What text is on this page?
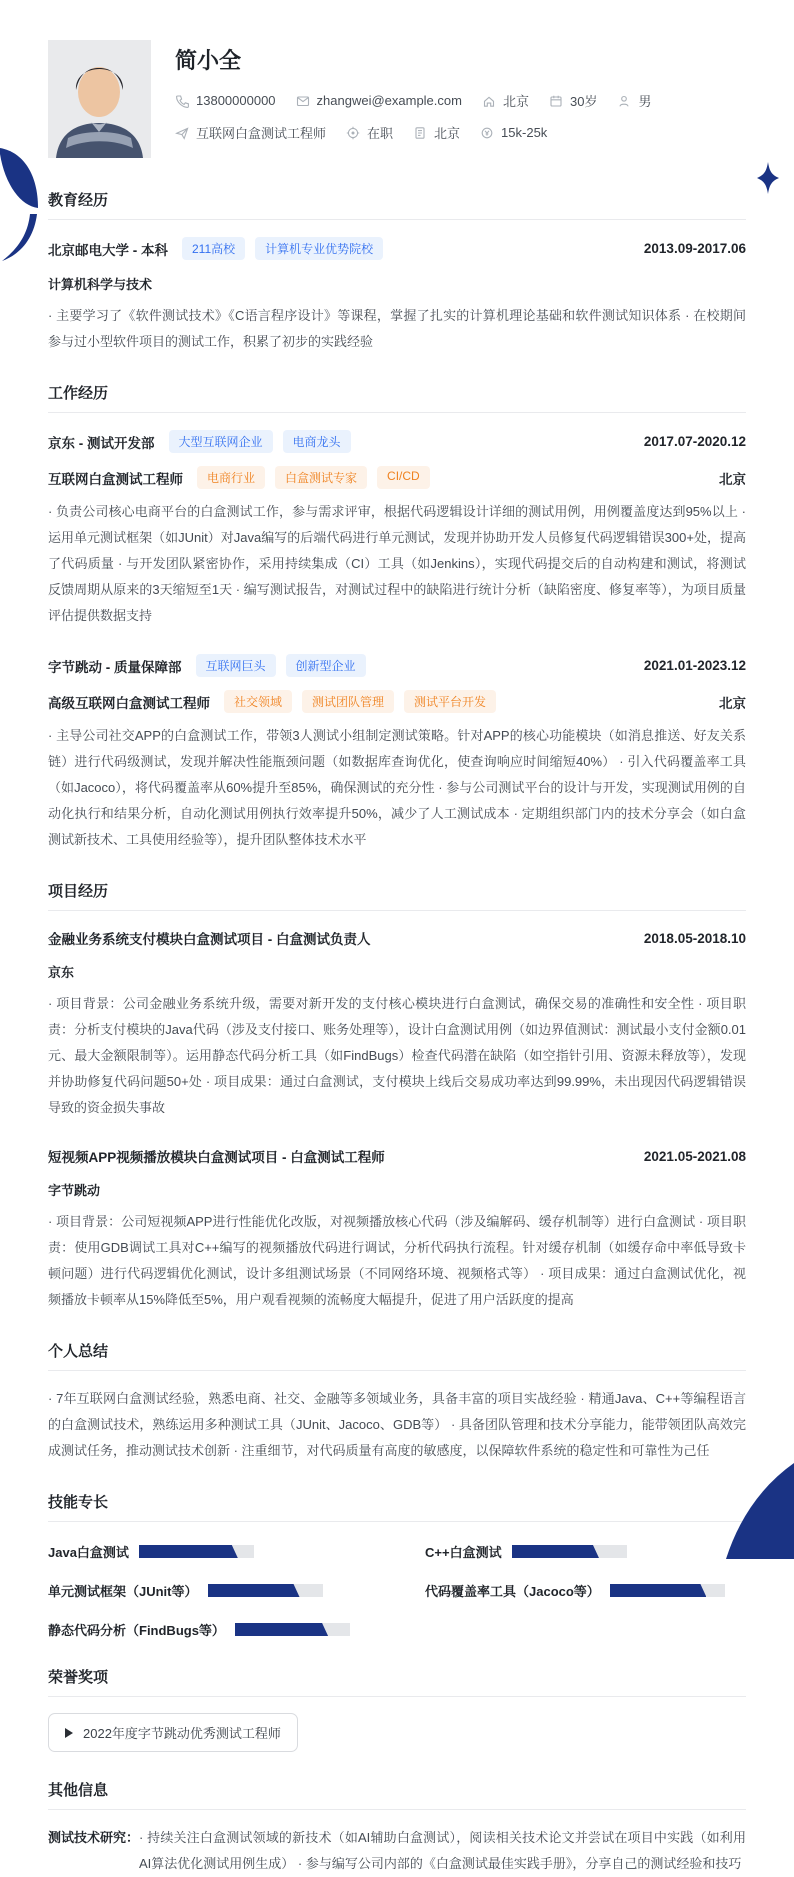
简小全
13800000000	zhangwei@example.com	北京	30岁	男
互联网白盒测试工程师	在职	北京	15k-25k
教育经历
北京邮电大学 - 本科	211高校	计算机专业优势院校	2013.09-2017.06
计算机科学与技术
· 主要学习了《软件测试技术》《C语言程序设计》等课程，掌握了扎实的计算机理论基础和软件测试知识体系 · 在校期间参与过小型软件项目的测试工作，积累了初步的实践经验
工作经历
京东 - 测试开发部	大型互联网企业	电商龙头	2017.07-2020.12
互联网白盒测试工程师	电商行业	白盒测试专家	CI/CD	北京
· 负责公司核心电商平台的白盒测试工作，参与需求评审，根据代码逻辑设计详细的测试用例，用例覆盖度达到95%以上 · 运用单元测试框架（如JUnit）对Java编写的后端代码进行单元测试，发现并协助开发人员修复代码逻辑错误300+处，提高了代码质量 · 与开发团队紧密协作，采用持续集成（CI）工具（如Jenkins），实现代码提交后的自动构建和测试，将测试反馈周期从原来的3天缩短至1天 · 编写测试报告，对测试过程中的缺陷进行统计分析（缺陷密度、修复率等），为项目质量评估提供数据支持
字节跳动 - 质量保障部	互联网巨头	创新型企业	2021.01-2023.12
高级互联网白盒测试工程师	社交领域	测试团队管理	测试平台开发	北京
· 主导公司社交APP的白盒测试工作，带领3人测试小组制定测试策略。针对APP的核心功能模块（如消息推送、好友关系链）进行代码级测试，发现并解决性能瓶颈问题（如数据库查询优化，使查询响应时间缩短40%） · 引入代码覆盖率工具（如Jacoco），将代码覆盖率从60%提升至85%，确保测试的充分性 · 参与公司测试平台的设计与开发，实现测试用例的自动化执行和结果分析，自动化测试用例执行效率提升50%，减少了人工测试成本 · 定期组织部门内的技术分享会（如白盒测试新技术、工具使用经验等），提升团队整体技术水平
项目经历
金融业务系统支付模块白盒测试项目 - 白盒测试负责人	2018.05-2018.10
京东
· 项目背景：公司金融业务系统升级，需要对新开发的支付核心模块进行白盒测试，确保交易的准确性和安全性 · 项目职责：分析支付模块的Java代码（涉及支付接口、账务处理等），设计白盒测试用例（如边界值测试：测试最小支付金额0.01元、最大金额限制等）。运用静态代码分析工具（如FindBugs）检查代码潜在缺陷（如空指针引用、资源未释放等），发现并协助修复代码问题50+处 · 项目成果：通过白盒测试，支付模块上线后交易成功率达到99.99%，未出现因代码逻辑错误导致的资金损失事故
短视频APP视频播放模块白盒测试项目 - 白盒测试工程师	2021.05-2021.08
字节跳动
· 项目背景：公司短视频APP进行性能优化改版，对视频播放核心代码（涉及编解码、缓存机制等）进行白盒测试 · 项目职责：使用GDB调试工具对C++编写的视频播放代码进行调试，分析代码执行流程。针对缓存机制（如缓存命中率低导致卡顿问题）进行代码逻辑优化测试，设计多组测试场景（不同网络环境、视频格式等） · 项目成果：通过白盒测试优化，视频播放卡顿率从15%降低至5%，用户观看视频的流畅度大幅提升，促进了用户活跃度的提高
个人总结
· 7年互联网白盒测试经验，熟悉电商、社交、金融等多领域业务，具备丰富的项目实战经验 · 精通Java、C++等编程语言的白盒测试技术，熟练运用多种测试工具（JUnit、Jacoco、GDB等） · 具备团队管理和技术分享能力，能带领团队高效完成测试任务，推动测试技术创新 · 注重细节，对代码质量有高度的敏感度，以保障软件系统的稳定性和可靠性为己任
技能专长
Java白盒测试	C++白盒测试
单元测试框架（JUnit等）	代码覆盖率工具（Jacoco等）
静态代码分析（FindBugs等）
荣誉奖项
2022年度字节跳动优秀测试工程师
其他信息
测试技术研究： · 持续关注白盒测试领域的新技术（如AI辅助白盒测试），阅读相关技术论文并尝试在项目中实践（如利用AI算法优化测试用例生成） · 参与编写公司内部的《白盒测试最佳实践手册》，分享自己的测试经验和技巧
